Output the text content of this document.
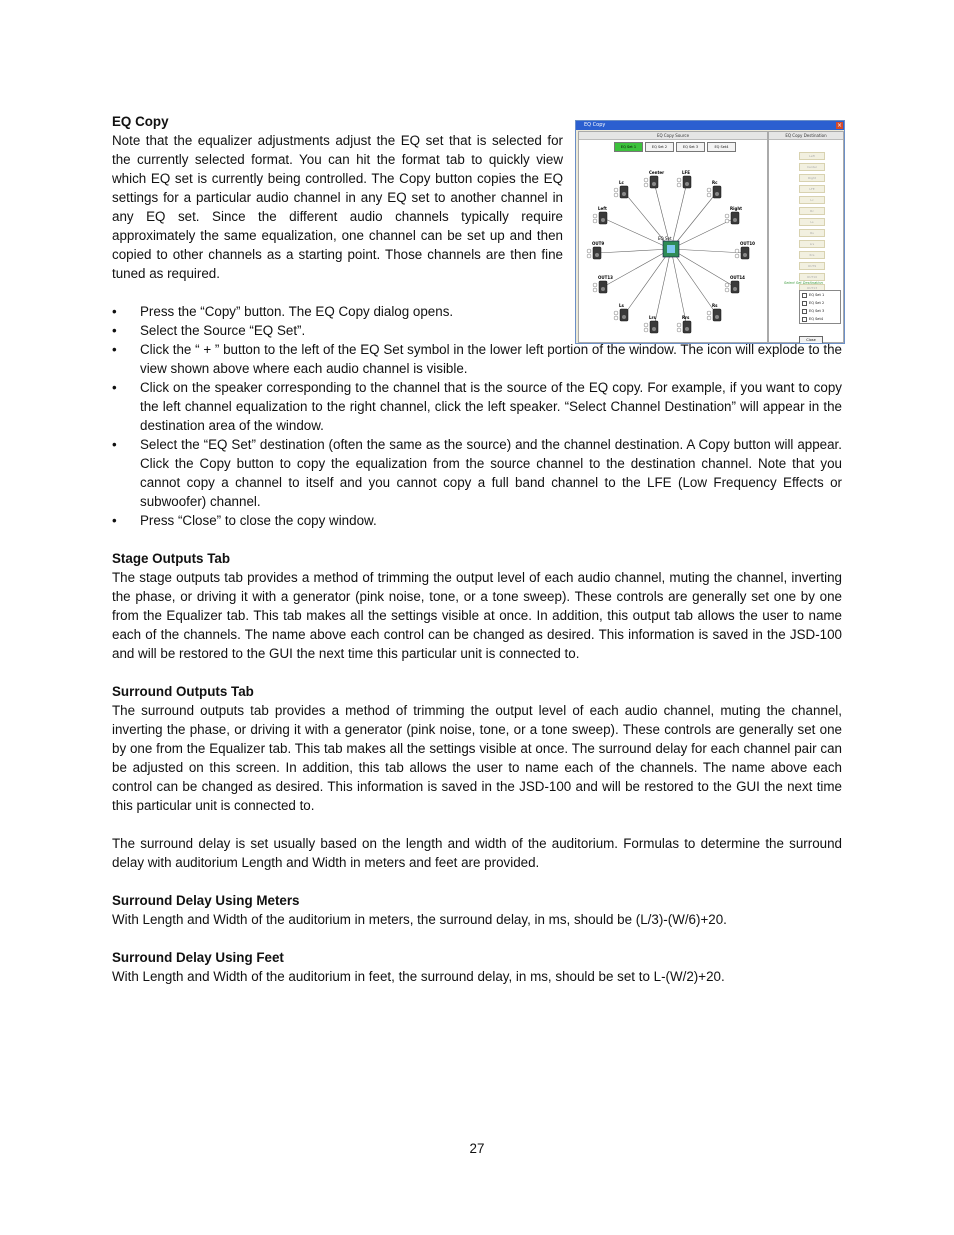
EQ Copy	×
EQ Copy Source
EQ Set 1	EQ Set 2	EQ Set 3	EQ Set4
EQ Set
Center	LFE
Lc	Rc
Left	Right
OUT9	OUT10
OUT13	OUT14
Ls	Rs
Lrs	Rrs
EQ Copy Destination
Left
Center
Right
LFE
Lc
Rc
Ls
Rs
Lrs
Rrs
OUT9
OUT10
OUT13
Select Set Destination
EQ Set 1
EQ Set 2
EQ Set 3
EQ Set4
Close
EQ Copy

Note that the equalizer adjustments adjust the EQ set that is selected for the currently selected format. You can hit the format tab to quickly view which EQ set is currently being controlled. The Copy button copies the EQ settings for a particular audio channel in any EQ set to another channel in any EQ set. Since the different audio channels typically require approximately the same equalization, one channel can be set up and then copied to other channels as a starting point. Those channels are then fine tuned as required.

• Press the “Copy” button. The EQ Copy dialog opens.
• Select the Source “EQ Set”.
• Click the “ + ” button to the left of the EQ Set symbol in the lower left portion of the window. The icon will explode to the view shown above where each audio channel is visible.
• Click on the speaker corresponding to the channel that is the source of the EQ copy. For example, if you want to copy the left channel equalization to the right channel, click the left speaker. “Select Channel Destination” will appear in the destination area of the window.
• Select the “EQ Set” destination (often the same as the source) and the channel destination. A Copy button will appear. Click the Copy button to copy the equalization from the source channel to the destination channel. Note that you cannot copy a channel to itself and you cannot copy a full band channel to the LFE (Low Frequency Effects or subwoofer) channel.
• Press “Close” to close the copy window.
Stage Outputs Tab

The stage outputs tab provides a method of trimming the output level of each audio channel, muting the channel, inverting the phase, or driving it with a generator (pink noise, tone, or a tone sweep). These controls are generally set one by one from the Equalizer tab. This tab makes all the settings visible at once. In addition, this output tab allows the user to name each of the channels. The name above each control can be changed as desired. This information is saved in the JSD-100 and will be restored to the GUI the next time this particular unit is connected to.

Surround Outputs Tab

The surround outputs tab provides a method of trimming the output level of each audio channel, muting the channel, inverting the phase, or driving it with a generator (pink noise, tone, or a tone sweep). These controls are generally set one by one from the Equalizer tab. This tab makes all the settings visible at once. The surround delay for each channel pair can be adjusted on this screen. In addition, this tab allows the user to name each of the channels. The name above each control can be changed as desired. This information is saved in the JSD-100 and will be restored to the GUI the next time this particular unit is connected to.

The surround delay is set usually based on the length and width of the auditorium. Formulas to determine the surround delay with auditorium Length and Width in meters and feet are provided.

Surround Delay Using Meters

With Length and Width of the auditorium in meters, the surround delay, in ms, should be (L/3)-(W/6)+20.

Surround Delay Using Feet

With Length and Width of the auditorium in feet, the surround delay, in ms, should be set to L-(W/2)+20.

27
